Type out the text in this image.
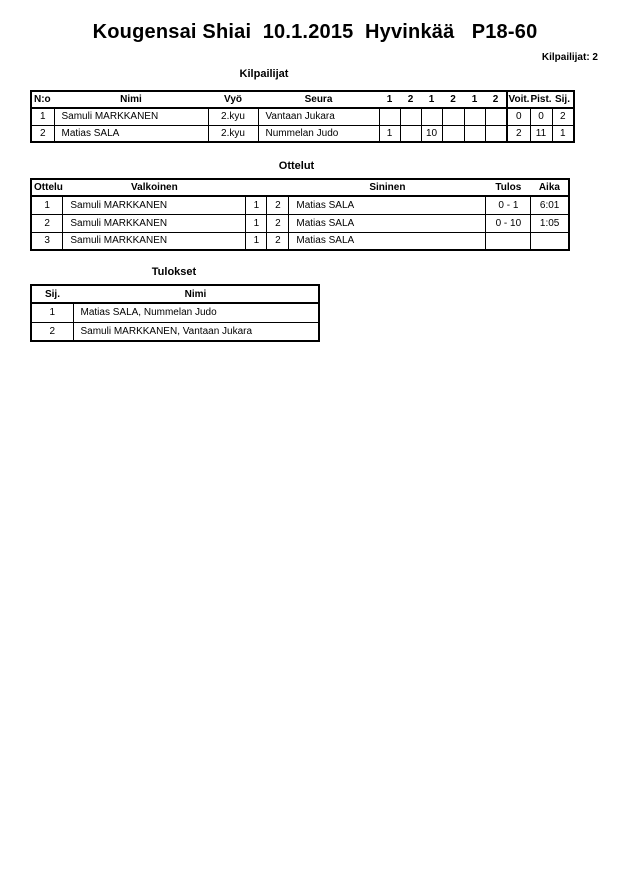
Kougensai Shiai  10.1.2015  Hyvinkää   P18-60
Kilpailijat: 2
Kilpailijat
N:o	Nimi	Vyö	Seura	1	2	1	2	1	2	Voit.	Pist.	Sij.
1	Samuli MARKKANEN	2.kyu	Vantaan Jukara							0	0	2
2	Matias SALA	2.kyu	Nummelan Judo	1		10				2	11	1
Ottelut
Ottelu	Valkoinen			Sininen	Tulos	Aika
1	Samuli MARKKANEN	1	2	Matias SALA	0 - 1	6:01
2	Samuli MARKKANEN	1	2	Matias SALA	0 - 10	1:05
3	Samuli MARKKANEN	1	2	Matias SALA		
Tulokset
Sij.	Nimi
1	Matias SALA, Nummelan Judo
2	Samuli MARKKANEN, Vantaan Jukara
